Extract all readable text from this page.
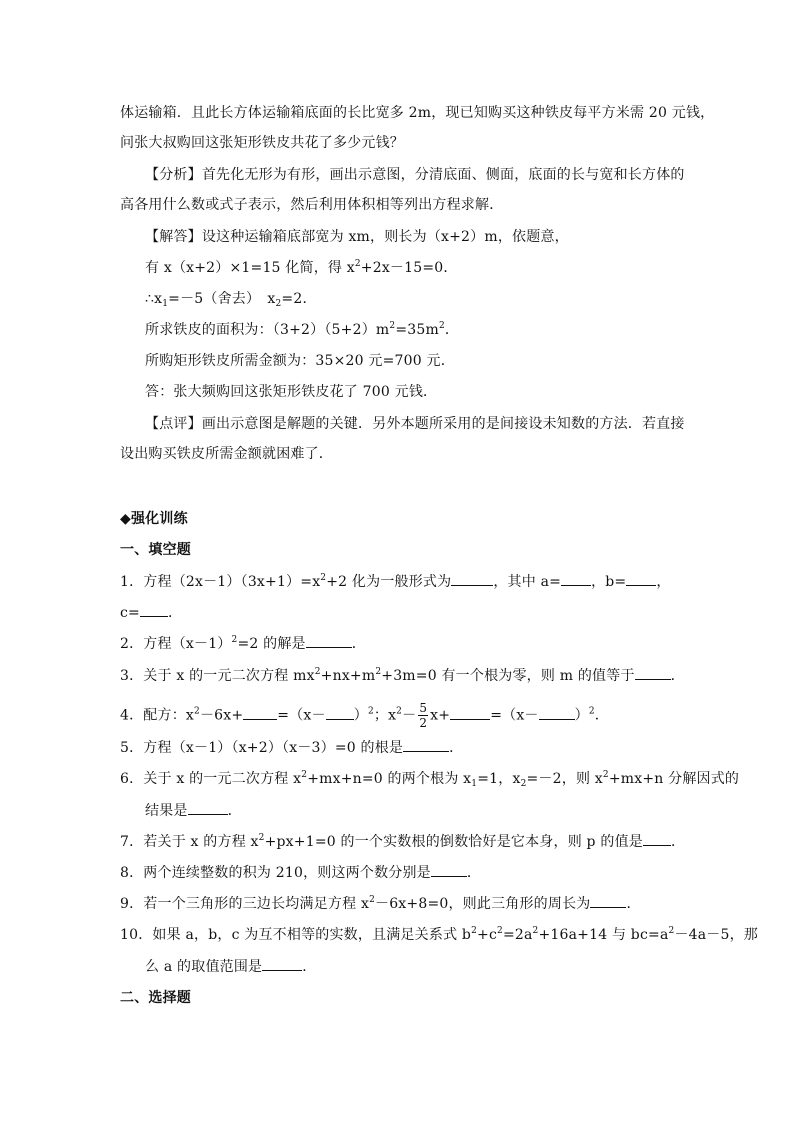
体运输箱．且此长方体运输箱底面的长比宽多 2m，现已知购买这种铁皮每平方米需 20 元钱，
问张大叔购回这张矩形铁皮共花了多少元钱？
【分析】首先化无形为有形，画出示意图，分清底面、侧面，底面的长与宽和长方体的
高各用什么数或式子表示，然后利用体积相等列出方程求解．
【解答】设这种运输箱底部宽为 xm，则长为（x+2）m，依题意，
有 x（x+2）×1=15 化简，得 $x^2+2x-15=0$．
$\therefore x_1=-5$（舍去）　$x_2=2$．
所求铁皮的面积为：$(3+2)(5+2)m^2=35m^2$．
所购矩形铁皮所需金额为：35×20 元=700 元．
答：张大频购回这张矩形铁皮花了 700 元钱．
【点评】画出示意图是解题的关键．另外本题所采用的是间接设未知数的方法．若直接
设出购买铁皮所需金额就困难了．
◆强化训练
一、填空题
1．方程$(2x-1)(3x+1)=x^2+2$ 化为一般形式为	，其中 a= ，b= ，
c= ．
2．方程$(x-1)^2=2$ 的解是	．
3．关于 x 的一元二次方程 $mx^2+nx+m^2+3m=0$ 有一个根为零，则 m 的值等于	．
4．配方：$x^2-6x+ =(x- )^2$；$x^2- \frac{5}{2} x+$	=（x－	）$^2$．
5．方程（x－1）（x+2）（x－3）=0 的根是	．
6．关于 x 的一元二次方程 $x^2+mx+n=0$ 的两个根为 $x_1=1$，$x_2=-2$，则 $x^2+mx+n$ 分解因式的
结果是	．
7．若关于 x 的方程 $x^2+px+1=0$ 的一个实数根的倒数恰好是它本身，则 p 的值是 ．
8．两个连续整数的积为 210，则这两个数分别是	．
9．若一个三角形的三边长均满足方程 $x^2-6x+8=0$，则此三角形的周长为	．
10．如果 a，b，c 为互不相等的实数，且满足关系式 $b^2+c^2=2a^2+16a+14$ 与 $bc=a^2-4a-5$，那
么 a 的取值范围是	．
二、选择题
